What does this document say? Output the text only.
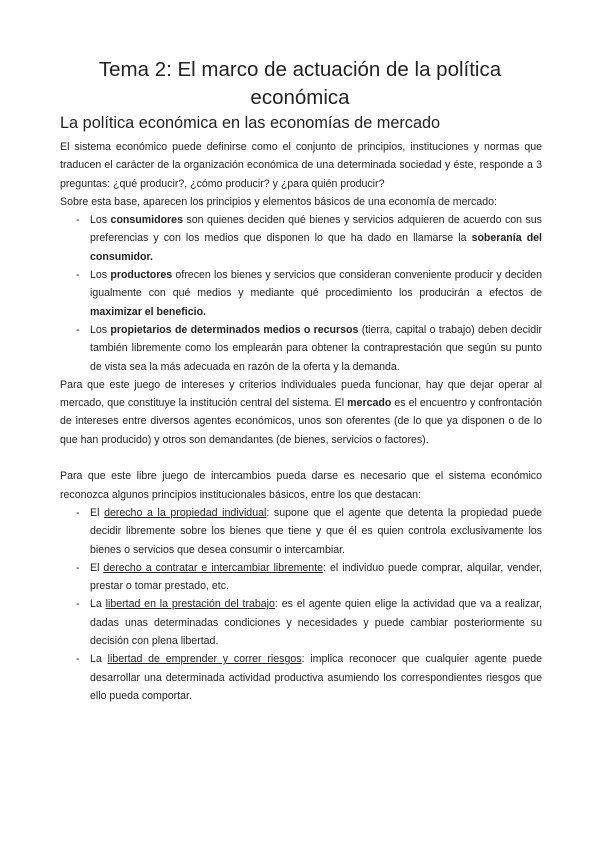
Tema 2: El marco de actuación de la política económica
La política económica en las economías de mercado

El sistema económico puede definirse como el conjunto de principios, instituciones y normas que traducen el carácter de la organización económica de una determinada sociedad y éste, responde a 3 preguntas: ¿qué producir?, ¿cómo producir? y ¿para quién producir?

Sobre esta base, aparecen los principios y elementos básicos de una economía de mercado:

- Los consumidores son quienes deciden qué bienes y servicios adquieren de acuerdo con sus preferencias y con los medios que disponen lo que ha dado en llamarse la soberanía del consumidor.
- Los productores ofrecen los bienes y servicios que consideran conveniente producir y deciden igualmente con qué medios y mediante qué procedimiento los producirán a efectos de maximizar el beneficio.
- Los propietarios de determinados medios o recursos (tierra, capital o trabajo) deben decidir también libremente como los emplearán para obtener la contraprestación que según su punto de vista sea la más adecuada en razón de la oferta y la demanda.

Para que este juego de intereses y criterios individuales pueda funcionar, hay que dejar operar al mercado, que constituye la institución central del sistema. El mercado es el encuentro y confrontación de intereses entre diversos agentes económicos, unos son oferentes (de lo que ya disponen o de lo que han producido) y otros son demandantes (de bienes, servicios o factores).

Para que este libre juego de intercambios pueda darse es necesario que el sistema económico reconozca algunos principios institucionales básicos, entre los que destacan:

- El derecho a la propiedad individual: supone que el agente que detenta la propiedad puede decidir libremente sobre los bienes que tiene y que él es quien controla exclusivamente los bienes o servicios que desea consumir o intercambiar.
- El derecho a contratar e intercambiar libremente: el individuo puede comprar, alquilar, vender, prestar o tomar prestado, etc.
- La libertad en la prestación del trabajo: es el agente quien elige la actividad que va a realizar, dadas unas determinadas condiciones y necesidades y puede cambiar posteriormente su decisión con plena libertad.
- La libertad de emprender y correr riesgos: implica reconocer que cualquier agente puede desarrollar una determinada actividad productiva asumiendo los correspondientes riesgos que ello pueda comportar.
